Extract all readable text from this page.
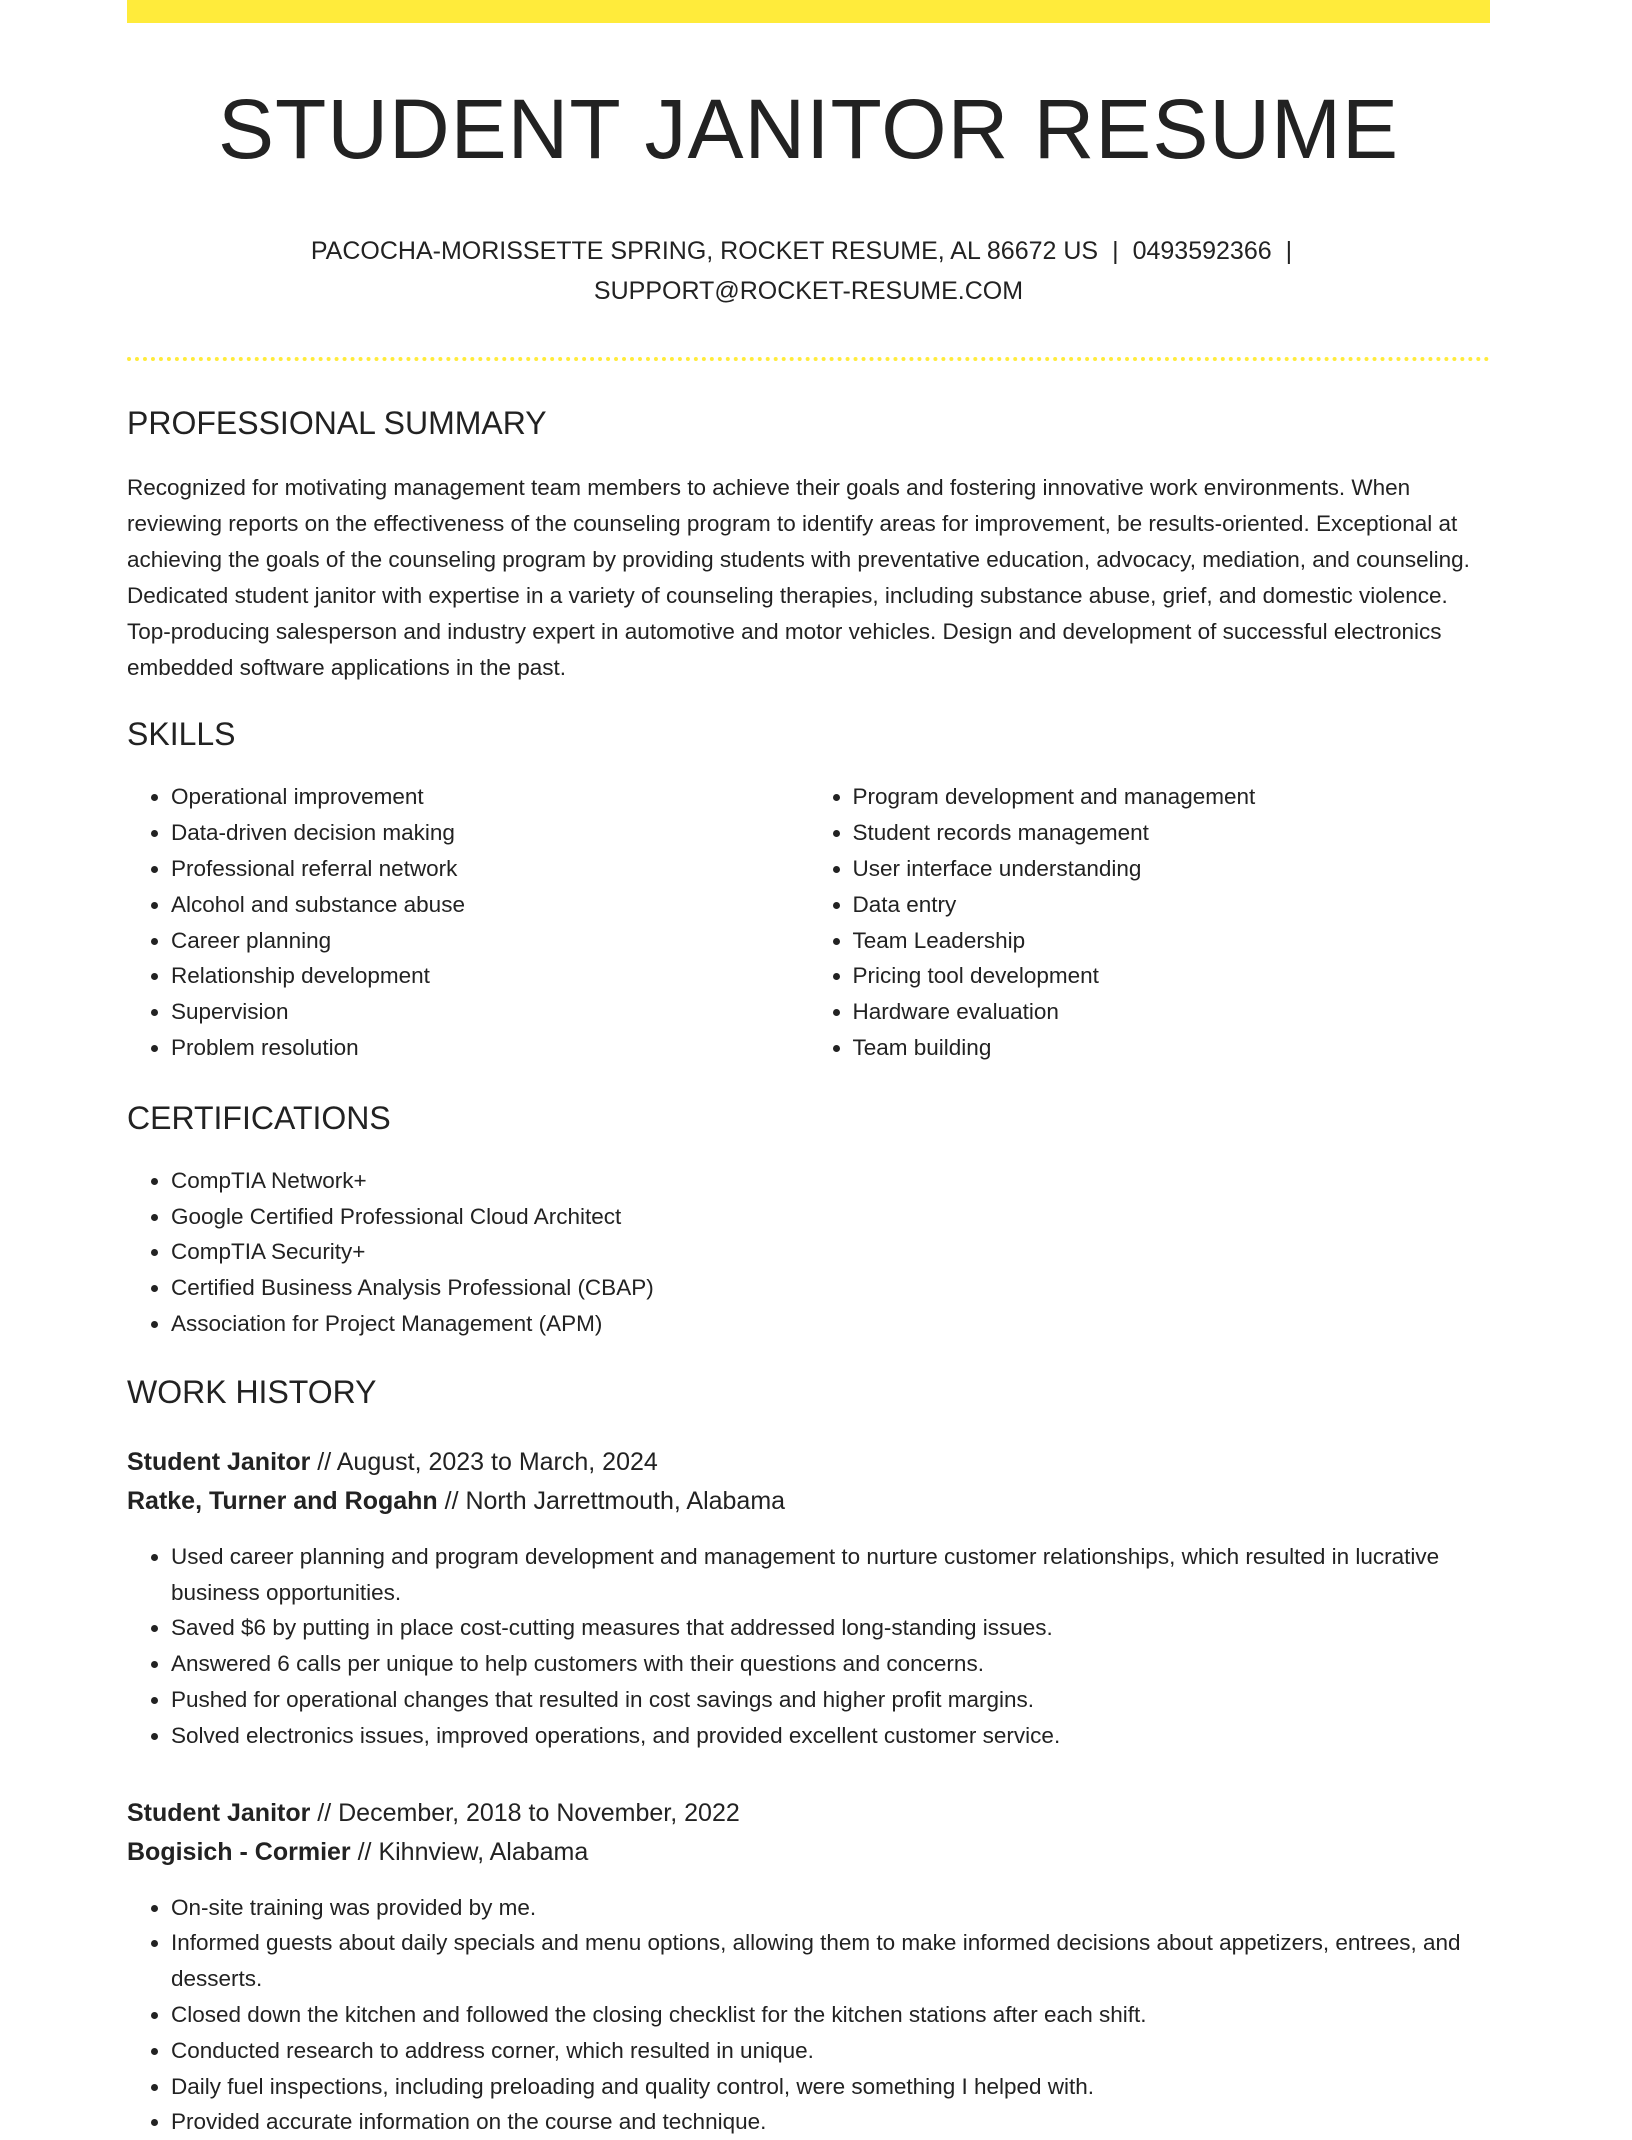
STUDENT JANITOR RESUME
PACOCHA-MORISSETTE SPRING, ROCKET RESUME, AL 86672 US | 0493592366 |
SUPPORT@ROCKET-RESUME.COM
PROFESSIONAL SUMMARY
Recognized for motivating management team members to achieve their goals and fostering innovative work environments. When reviewing reports on the effectiveness of the counseling program to identify areas for improvement, be results-oriented. Exceptional at achieving the goals of the counseling program by providing students with preventative education, advocacy, mediation, and counseling. Dedicated student janitor with expertise in a variety of counseling therapies, including substance abuse, grief, and domestic violence. Top-producing salesperson and industry expert in automotive and motor vehicles. Design and development of successful electronics embedded software applications in the past.
SKILLS
• Operational improvement
• Data-driven decision making
• Professional referral network
• Alcohol and substance abuse
• Career planning
• Relationship development
• Supervision
• Problem resolution
• Program development and management
• Student records management
• User interface understanding
• Data entry
• Team Leadership
• Pricing tool development
• Hardware evaluation
• Team building
CERTIFICATIONS
• CompTIA Network+
• Google Certified Professional Cloud Architect
• CompTIA Security+
• Certified Business Analysis Professional (CBAP)
• Association for Project Management (APM)
WORK HISTORY
Student Janitor // August, 2023 to March, 2024
Ratke, Turner and Rogahn // North Jarrettmouth, Alabama
• Used career planning and program development and management to nurture customer relationships, which resulted in lucrative business opportunities.
• Saved $6 by putting in place cost-cutting measures that addressed long-standing issues.
• Answered 6 calls per unique to help customers with their questions and concerns.
• Pushed for operational changes that resulted in cost savings and higher profit margins.
• Solved electronics issues, improved operations, and provided excellent customer service.
Student Janitor // December, 2018 to November, 2022
Bogisich - Cormier // Kihnview, Alabama
• On-site training was provided by me.
• Informed guests about daily specials and menu options, allowing them to make informed decisions about appetizers, entrees, and desserts.
• Closed down the kitchen and followed the closing checklist for the kitchen stations after each shift.
• Conducted research to address corner, which resulted in unique.
• Daily fuel inspections, including preloading and quality control, were something I helped with.
• Provided accurate information on the course and technique.
